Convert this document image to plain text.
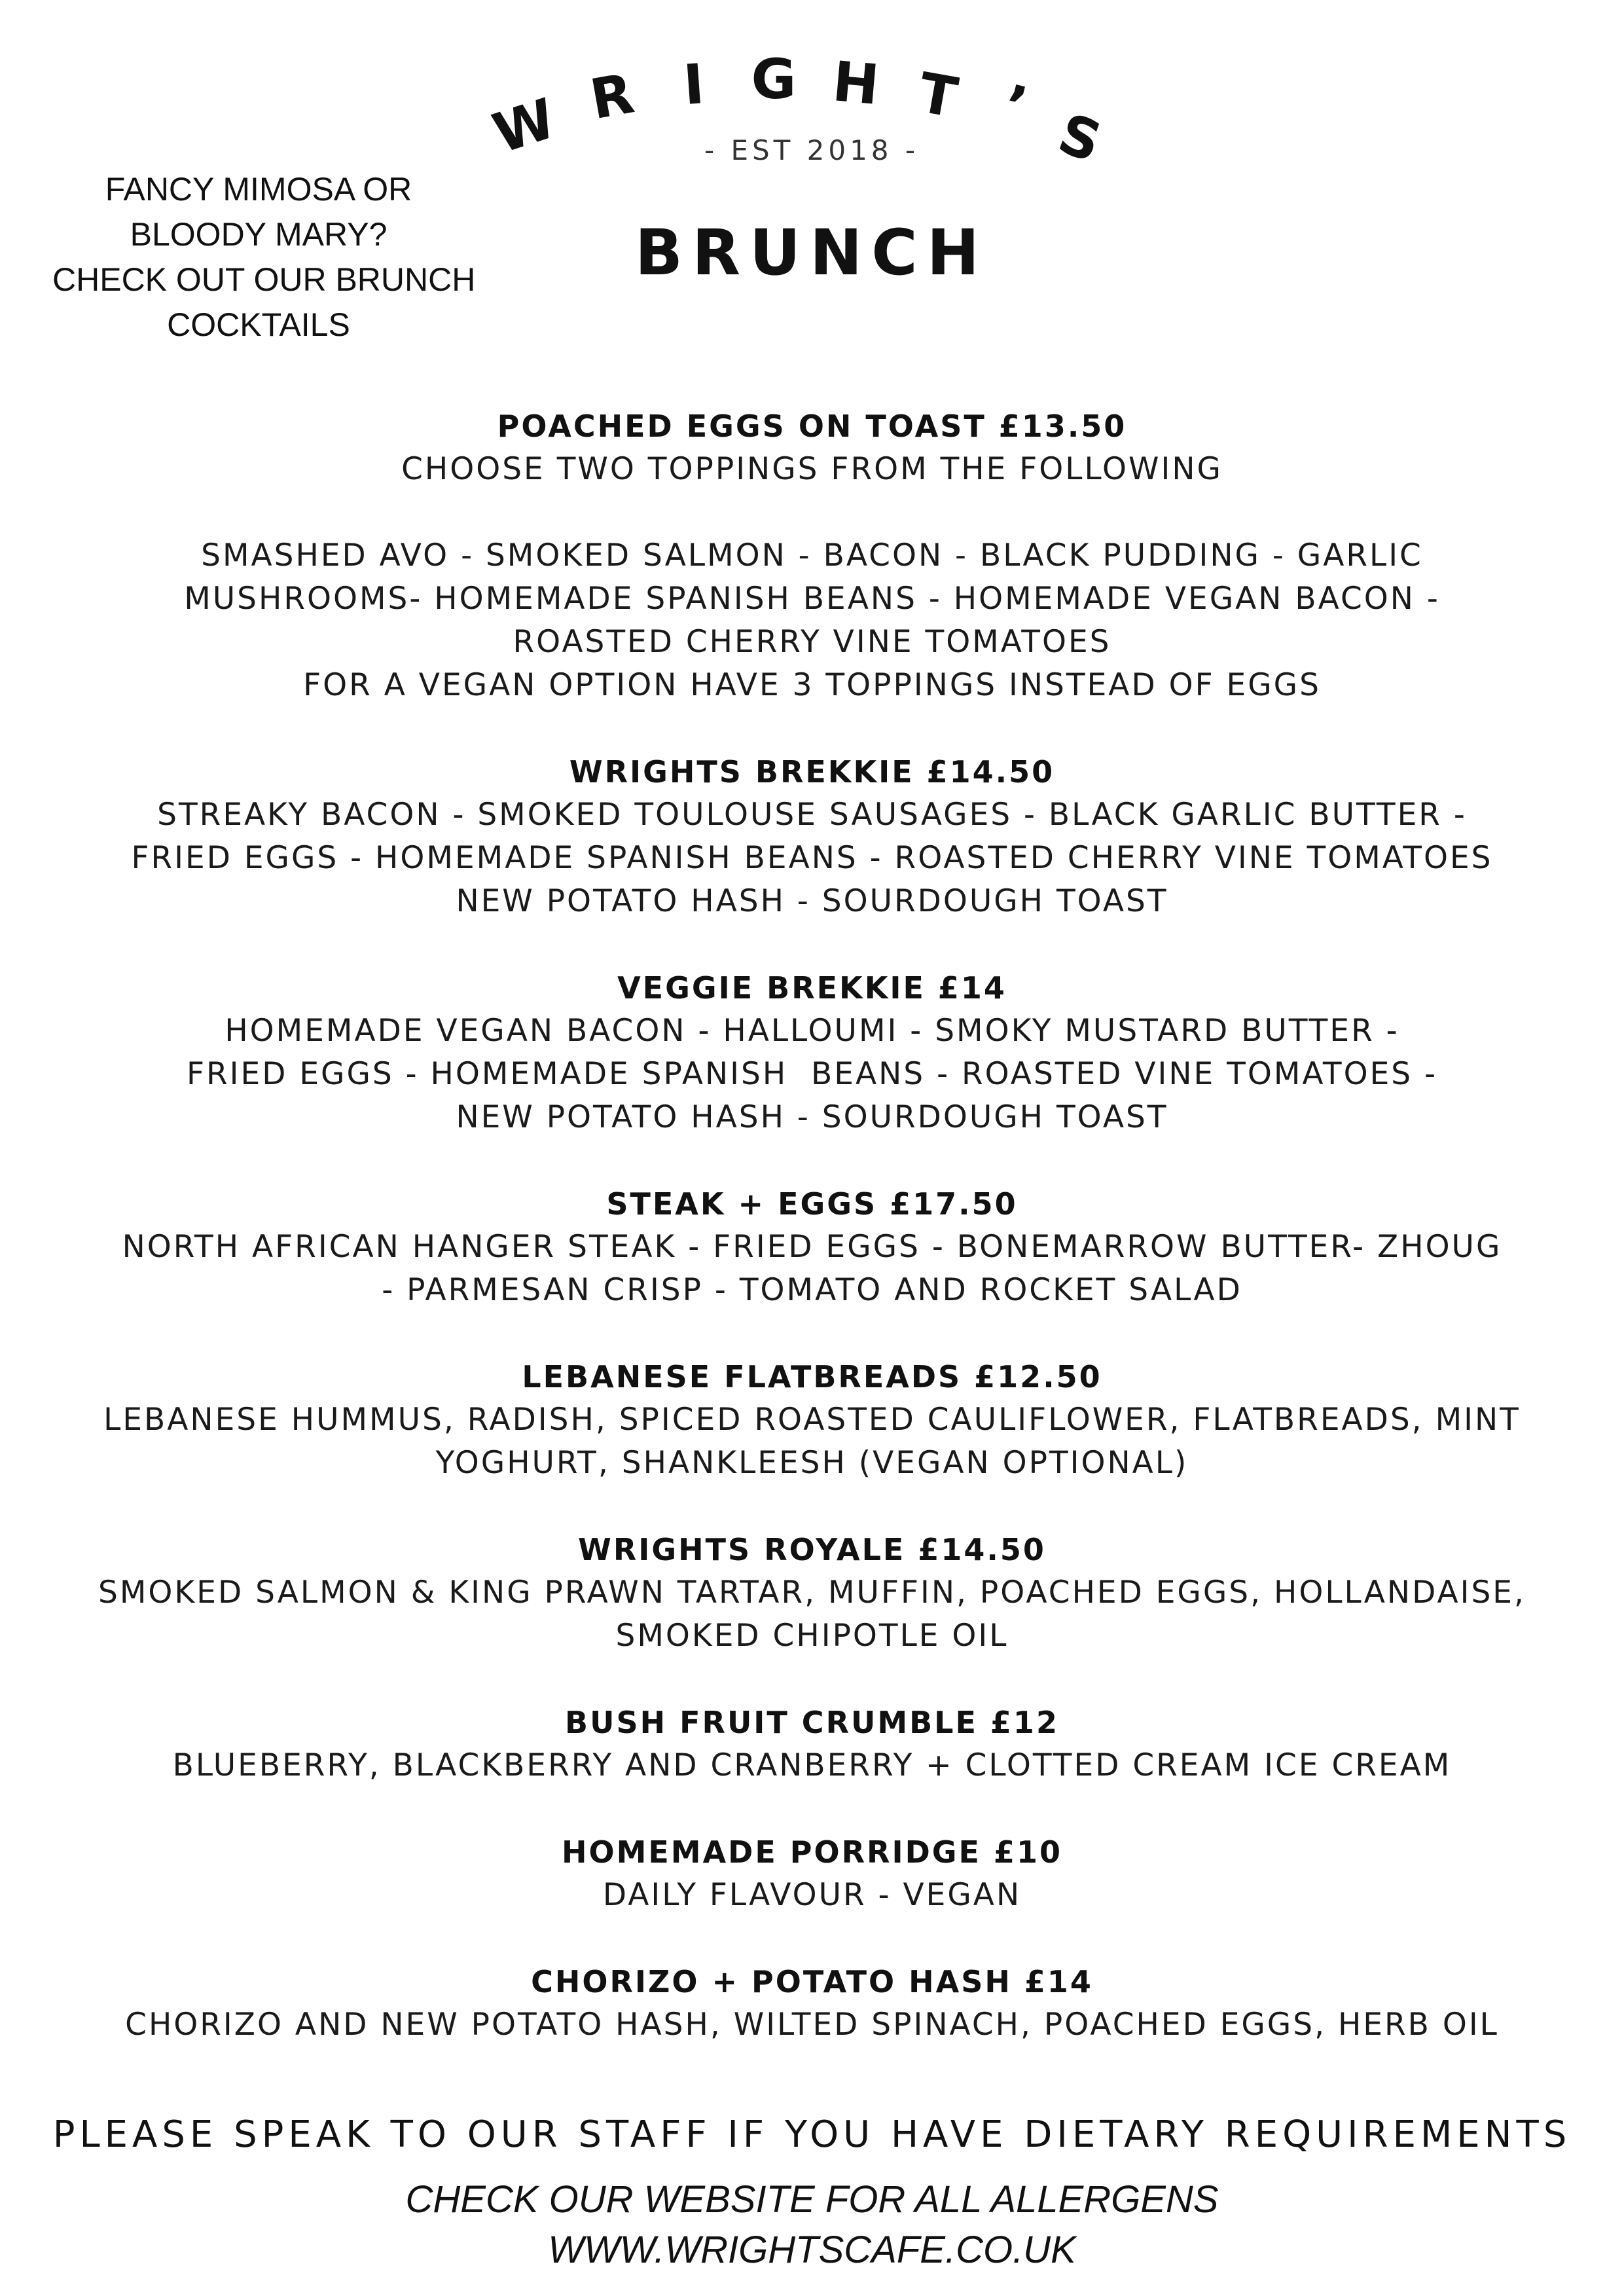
W R I G H T ’ S
- EST 2018 -
FANCY MIMOSA OR
BLOODY MARY?
CHECK OUT OUR BRUNCH
COCKTAILS
BRUNCH
POACHED EGGS ON TOAST £13.50
CHOOSE TWO TOPPINGS FROM THE FOLLOWING
SMASHED AVO - SMOKED SALMON - BACON - BLACK PUDDING - GARLIC
MUSHROOMS- HOMEMADE SPANISH BEANS - HOMEMADE VEGAN BACON -
ROASTED CHERRY VINE TOMATOES
FOR A VEGAN OPTION HAVE 3 TOPPINGS INSTEAD OF EGGS
WRIGHTS BREKKIE £14.50
STREAKY BACON - SMOKED TOULOUSE SAUSAGES - BLACK GARLIC BUTTER -
FRIED EGGS - HOMEMADE SPANISH BEANS - ROASTED CHERRY VINE TOMATOES
NEW POTATO HASH - SOURDOUGH TOAST
VEGGIE BREKKIE £14
HOMEMADE VEGAN BACON - HALLOUMI - SMOKY MUSTARD BUTTER -
FRIED EGGS - HOMEMADE SPANISH  BEANS - ROASTED VINE TOMATOES -
NEW POTATO HASH - SOURDOUGH TOAST
STEAK + EGGS £17.50
NORTH AFRICAN HANGER STEAK - FRIED EGGS - BONEMARROW BUTTER- ZHOUG
- PARMESAN CRISP - TOMATO AND ROCKET SALAD
LEBANESE FLATBREADS £12.50
LEBANESE HUMMUS, RADISH, SPICED ROASTED CAULIFLOWER, FLATBREADS, MINT
YOGHURT, SHANKLEESH (VEGAN OPTIONAL)
WRIGHTS ROYALE £14.50
SMOKED SALMON & KING PRAWN TARTAR, MUFFIN, POACHED EGGS, HOLLANDAISE,
SMOKED CHIPOTLE OIL
BUSH FRUIT CRUMBLE £12
BLUEBERRY, BLACKBERRY AND CRANBERRY + CLOTTED CREAM ICE CREAM
HOMEMADE PORRIDGE £10
DAILY FLAVOUR - VEGAN
CHORIZO + POTATO HASH £14
CHORIZO AND NEW POTATO HASH, WILTED SPINACH, POACHED EGGS, HERB OIL
PLEASE SPEAK TO OUR STAFF IF YOU HAVE DIETARY REQUIREMENTS
CHECK OUR WEBSITE FOR ALL ALLERGENS
WWW.WRIGHTSCAFE.CO.UK
